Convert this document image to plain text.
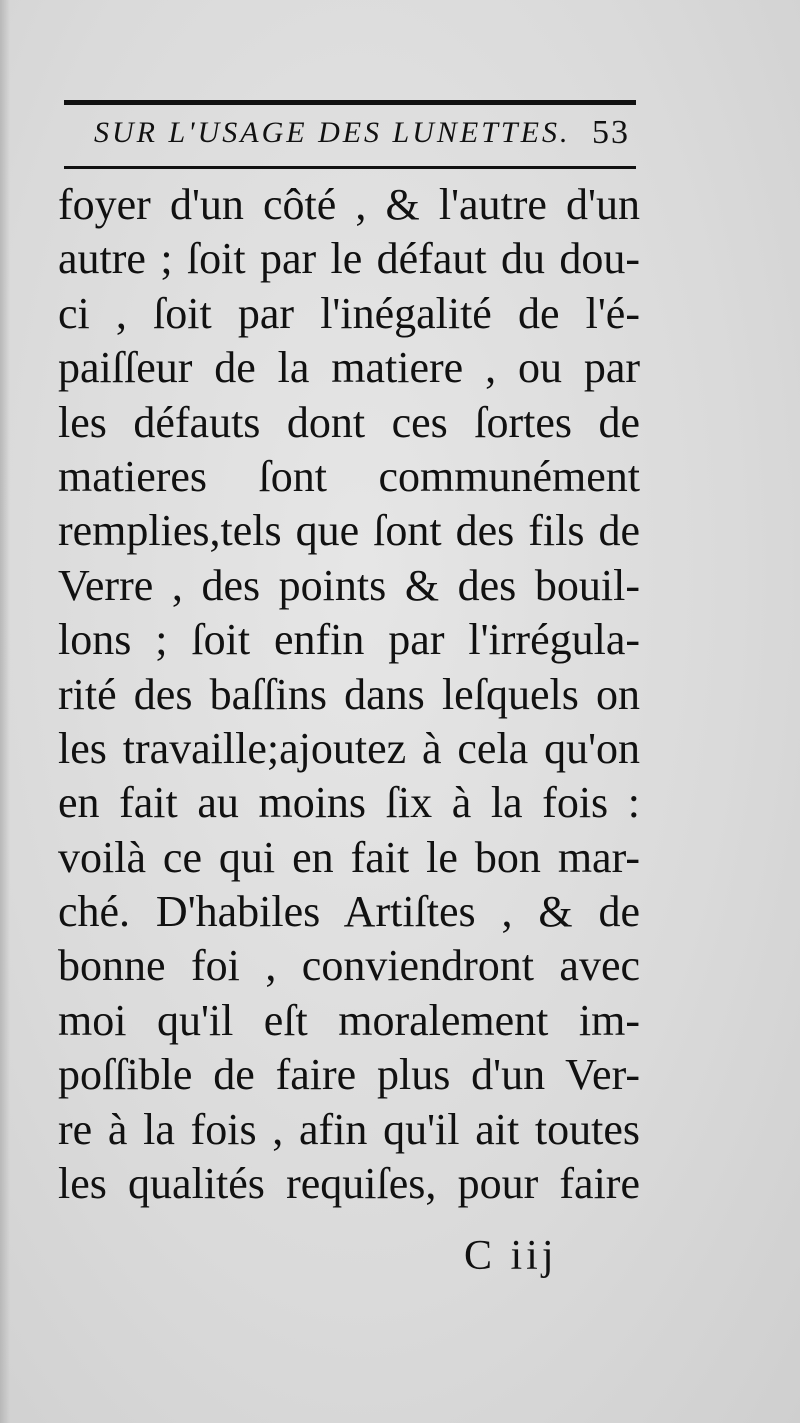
SUR L'USAGE DES LUNETTES. 53
foyer d'un côté , & l'autre d'un
autre ; ſoit par le défaut du dou-
ci , ſoit par l'inégalité de l'é-
paiſſeur de la matiere , ou par
les défauts dont ces ſortes de
matieres ſont communément
remplies,tels que ſont des fils de
Verre , des points & des bouil-
lons ; ſoit enfin par l'irrégula-
rité des baſſins dans leſquels on
les travaille;ajoutez à cela qu'on
en fait au moins ſix à la fois :
voilà ce qui en fait le bon mar-
ché. D'habiles Artiſtes , & de
bonne foi , conviendront avec
moi qu'il eſt moralement im-
poſſible de faire plus d'un Ver-
re à la fois , afin qu'il ait toutes
les qualités requiſes, pour faire
C iij
